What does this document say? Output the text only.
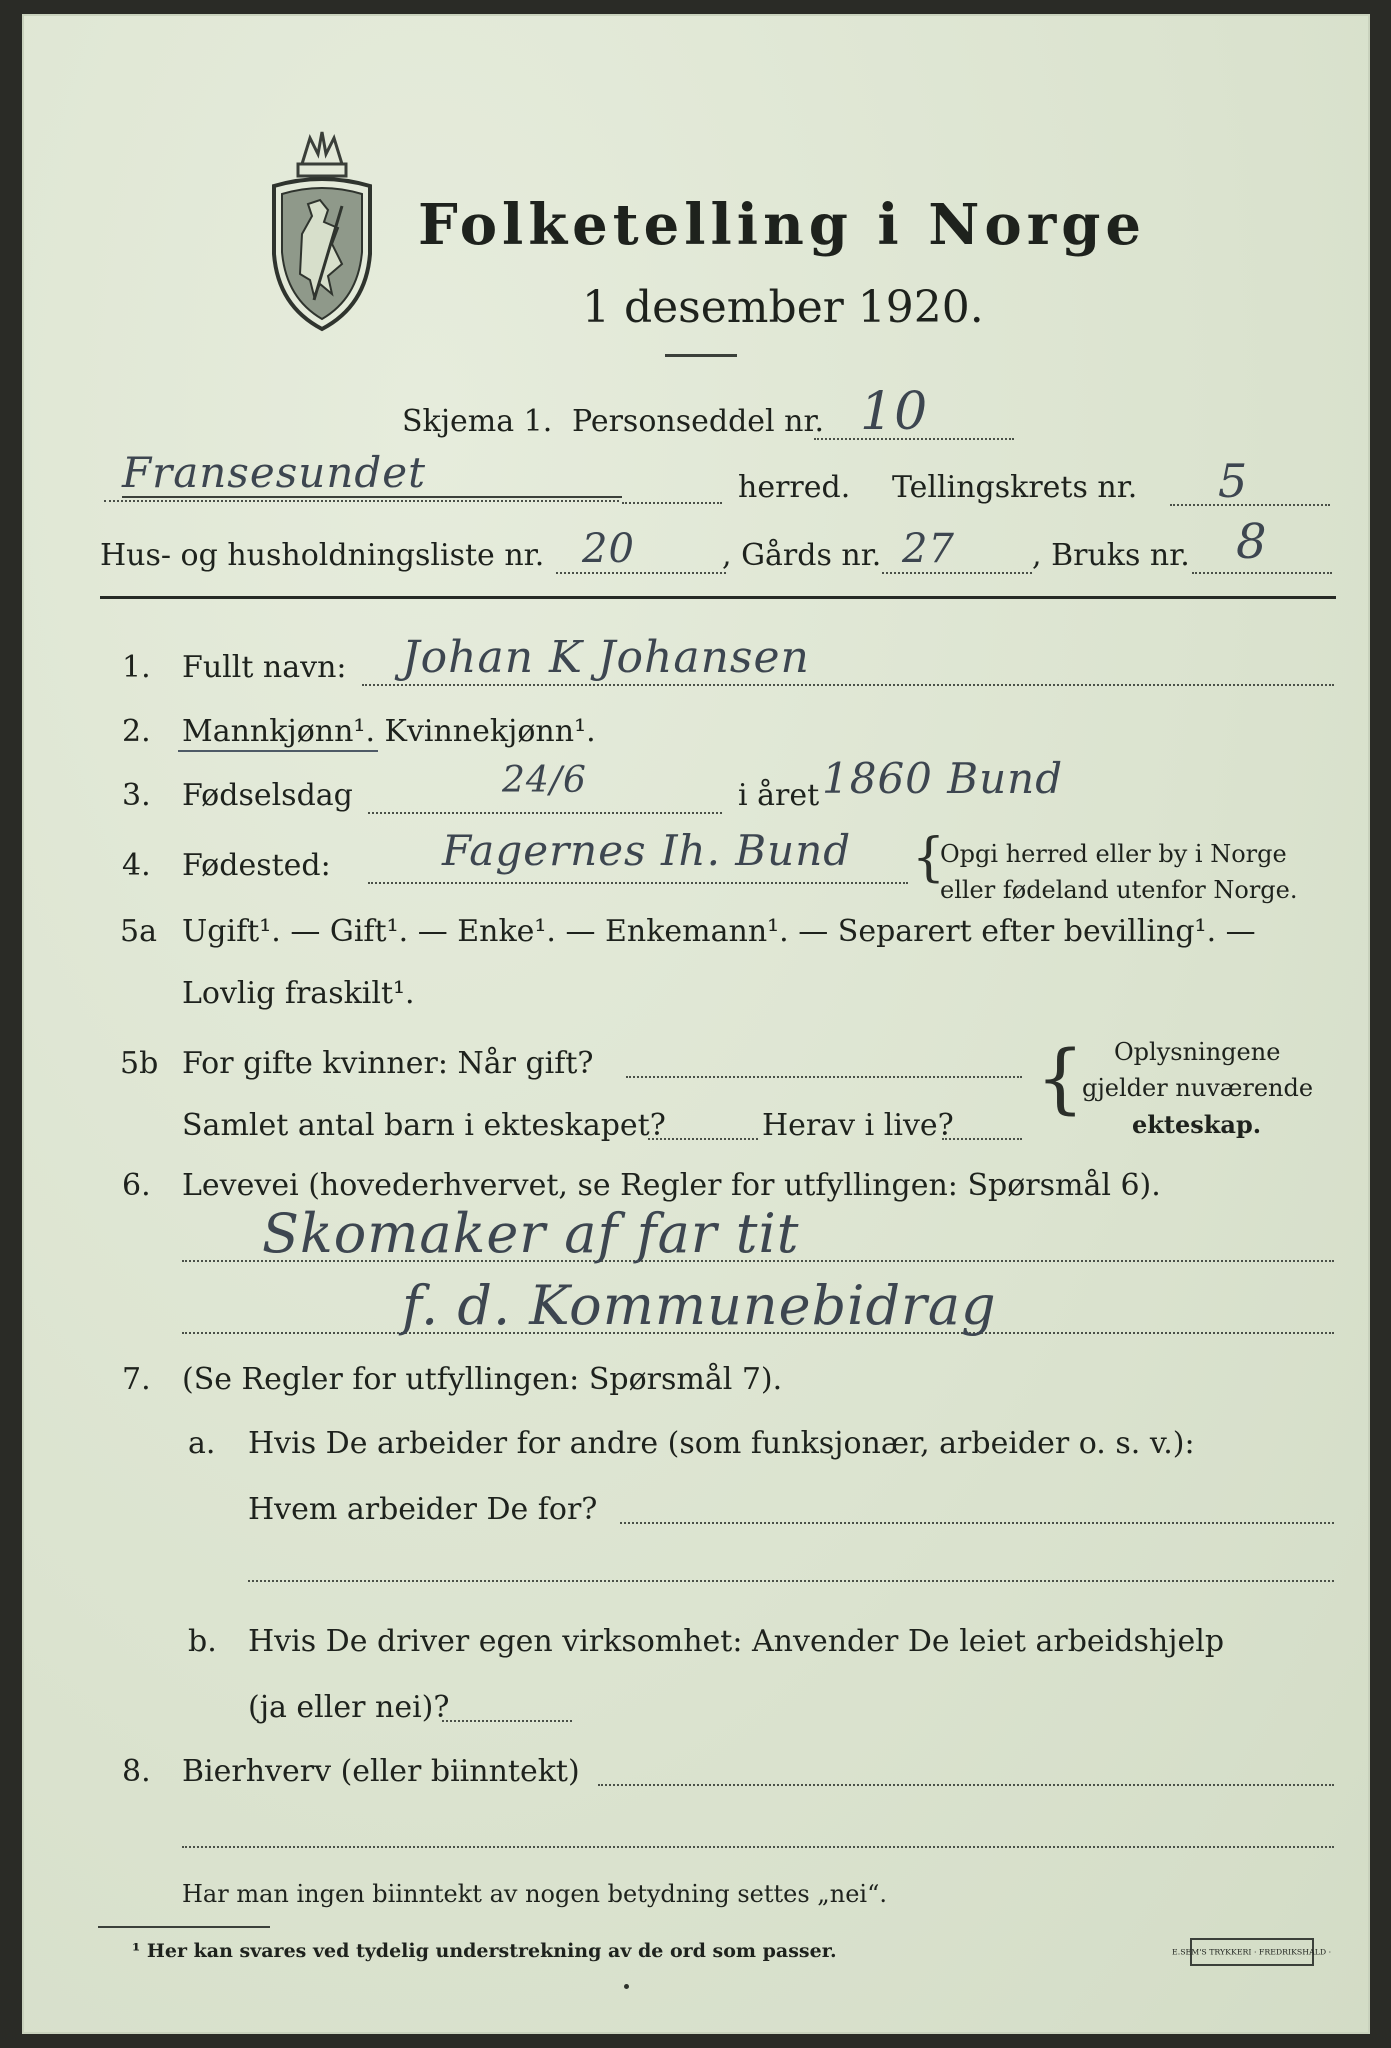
Folketelling i Norge
1 desember 1920.
Skjema 1. Personseddel nr. 10
Fransesundet	herred. Tellingskrets nr. 5
Hus- og husholdningsliste nr. 20	, Gårds nr. 27	, Bruks nr. 8
1. Fullt navn: Johan K Johansen
2. Mannkjønn¹. Kvinnekjønn¹.
3. Fødselsdag	24/6	i året 1860 Bund
4. Fødested:	Fagernes Ih. Bund {
Opgi herred eller by i Norge
eller fødeland utenfor Norge.
5a Ugift¹. — Gift¹. — Enke¹. — Enkemann¹. — Separert efter bevilling¹. —
Lovlig fraskilt¹.
5b For gifte kvinner: Når gift?
Samlet antal barn i ekteskapet?	Herav i live?
{ Oplysningene
gjelder nuværende
ekteskap.
6. Levevei (hovederhvervet, se Regler for utfyllingen: Spørsmål 6).
Skomaker af far tit
f. d. Kommunebidrag
7. (Se Regler for utfyllingen: Spørsmål 7).
a. Hvis De arbeider for andre (som funksjonær, arbeider o. s. v.):
Hvem arbeider De for?
b. Hvis De driver egen virksomhet: Anvender De leiet arbeidshjelp
(ja eller nei)?
8. Bierhverv (eller biinntekt)
Har man ingen biinntekt av nogen betydning settes „nei“.
¹ Her kan svares ved tydelig understrekning av de ord som passer.	E.SEM'S TRYKKERI · FREDRIKSHALD ·
